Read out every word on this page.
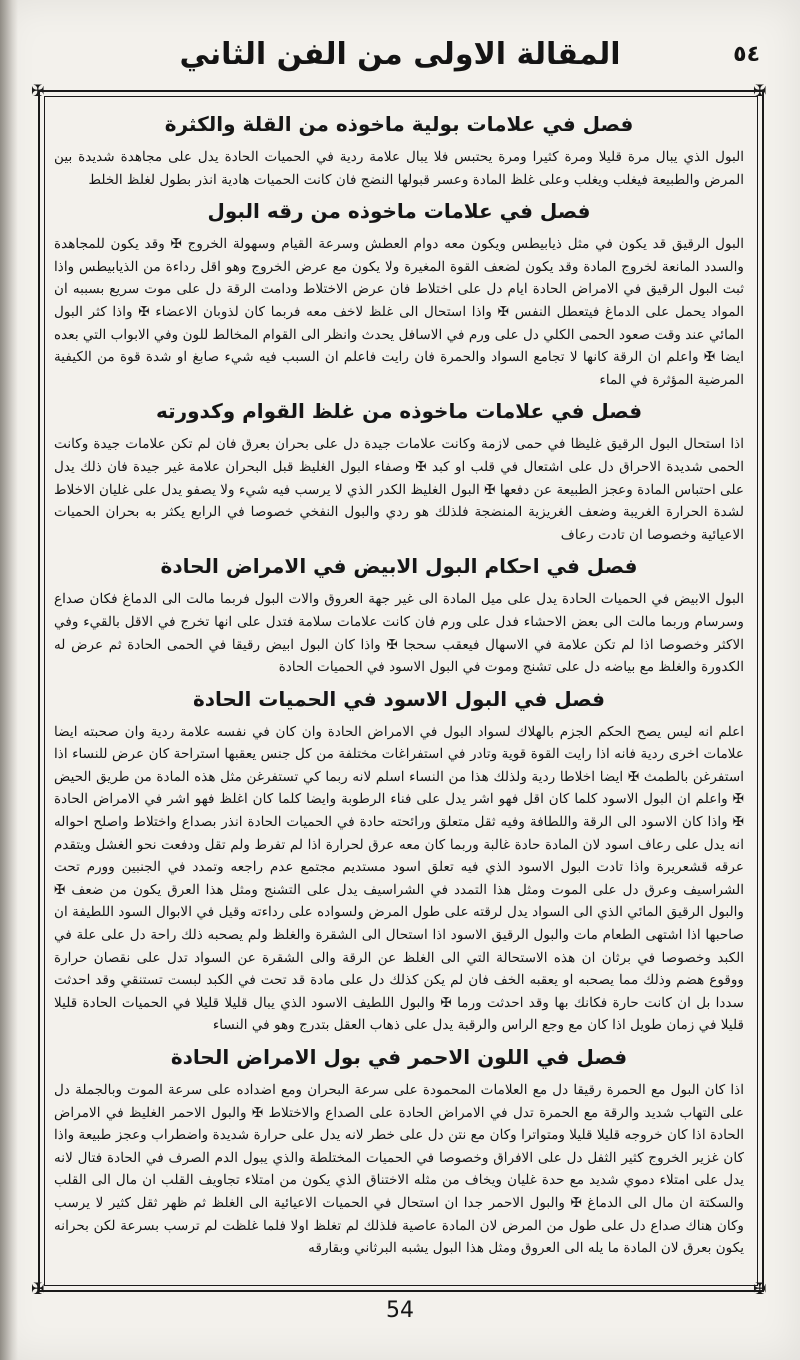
المقالة الاولى من الفن الثاني	٥٤
✠	✠
✠	✠
فصل في علامات بولية ماخوذه من القلة والكثرة

البول الذي يبال مرة قليلا ومرة كثيرا ومرة يحتبس فلا يبال علامة ردية في الحميات الحادة يدل على مجاهدة شديدة بين المرض والطبيعة فيغلب ويغلب وعلى غلظ المادة وعسر قبولها النضج فان كانت الحميات هادية انذر بطول لغلظ الخلط

فصل في علامات ماخوذه من رقه البول

البول الرقيق قد يكون في مثل ذيابيطس ويكون معه دوام العطش وسرعة القيام وسهولة الخروج ✠ وقد يكون للمجاهدة والسدد المانعة لخروج المادة وقد يكون لضعف القوة المغيرة ولا يكون مع عرض الخروج وهو اقل رداءة من الذيابيطس واذا ثبت البول الرقيق في الامراض الحادة ايام دل على اختلاط فان عرض الاختلاط ودامت الرقة دل على موت سريع بسببه ان المواد يحمل على الدماغ فيتعطل النفس ✠ واذا استحال الى غلظ لاخف معه فربما كان لذوبان الاعضاء ✠ واذا كثر البول المائي عند وقت صعود الحمى الكلي دل على ورم في الاسافل يحدث وانظر الى القوام المخالط للون وفي الابواب التي بعده ايضا ✠ واعلم ان الرقة كانها لا تجامع السواد والحمرة فان رايت فاعلم ان السبب فيه شيء صابغ او شدة قوة من الكيفية المرضية المؤثرة في الماء

فصل في علامات ماخوذه من غلظ القوام وكدورته

اذا استحال البول الرقيق غليظا في حمى لازمة وكانت علامات جيدة دل على بحران بعرق فان لم تكن علامات جيدة وكانت الحمى شديدة الاحراق دل على اشتعال في قلب او كبد ✠ وصفاء البول الغليظ قبل البحران علامة غير جيدة فان ذلك يدل على احتباس المادة وعجز الطبيعة عن دفعها ✠ البول الغليظ الكدر الذي لا يرسب فيه شيء ولا يصفو يدل على غليان الاخلاط لشدة الحرارة الغريبة وضعف الغريزية المنضجة فلذلك هو ردي والبول النفخي خصوصا في الرابع يكثر به بحران الحميات الاعيائية وخصوصا ان تادت رعاف

فصل في احكام البول الابيض في الامراض الحادة

البول الابيض في الحميات الحادة يدل على ميل المادة الى غير جهة العروق والات البول فربما مالت الى الدماغ فكان صداع وسرسام وربما مالت الى بعض الاحشاء فدل على ورم فان كانت علامات سلامة فتدل على انها تخرج في الاقل بالقيء وفي الاكثر وخصوصا اذا لم تكن علامة في الاسهال فيعقب سحجا ✠ واذا كان البول ابيض رقيقا في الحمى الحادة ثم عرض له الكدورة والغلظ مع بياضه دل على تشنج وموت في البول الاسود في الحميات الحادة

فصل في البول الاسود في الحميات الحادة

اعلم انه ليس يصح الحكم الجزم بالهلاك لسواد البول في الامراض الحادة وان كان في نفسه علامة ردية وان صحبته ايضا علامات اخرى ردية فانه اذا رايت القوة قوية وتادر في استفراغات مختلفة من كل جنس يعقبها استراحة كان عرض للنساء اذا استفرغن بالطمث ✠ ايضا اخلاطا ردية ولذلك هذا من النساء اسلم لانه ربما كي تستفرغن مثل هذه المادة من طريق الحيض ✠ واعلم ان البول الاسود كلما كان اقل فهو اشر يدل على فناء الرطوبة وايضا كلما كان اغلظ فهو اشر في الامراض الحادة ✠ واذا كان الاسود الى الرقة واللطافة وفيه ثقل متعلق ورائحته حادة في الحميات الحادة انذر بصداع واختلاط واصلح احواله انه يدل على رعاف اسود لان المادة حادة غالبة وربما كان معه عرق لحرارة اذا لم تفرط ولم تقل ودفعت نحو الغشل ويتقدم عرقه قشعريرة واذا تادت البول الاسود الذي فيه تعلق اسود مستديم مجتمع عدم راجعه وتمدد في الجنبين وورم تحت الشراسيف وعرق دل على الموت ومثل هذا التمدد في الشراسيف يدل على التشنج ومثل هذا العرق يكون من ضعف ✠ والبول الرقيق المائي الذي الى السواد يدل لرقته على طول المرض ولسواده على رداءته وقيل في الابوال السود اللطيفة ان صاحبها اذا اشتهى الطعام مات والبول الرقيق الاسود اذا استحال الى الشقرة والغلظ ولم يصحبه ذلك راحة دل على علة في الكبد وخصوصا في برثان ان هذه الاستحالة التي الى الغلظ عن الرقة والى الشقرة عن السواد تدل على نقصان حرارة ووقوع هضم وذلك مما يصحبه او يعقبه الخف فان لم يكن كذلك دل على مادة قد تحت في الكبد لبست تستنقي وقد احدثت سددا بل ان كانت حارة فكانك بها وقد احدثت ورما ✠ والبول اللطيف الاسود الذي يبال قليلا قليلا في الحميات الحادة قليلا قليلا في زمان طويل اذا كان مع وجع الراس والرقبة يدل على ذهاب العقل بتدرج وهو في النساء

فصل في اللون الاحمر في بول الامراض الحادة

اذا كان البول مع الحمرة رقيقا دل مع العلامات المحمودة على سرعة البحران ومع اضداده على سرعة الموت وبالجملة دل على التهاب شديد والرقة مع الحمرة تدل في الامراض الحادة على الصداع والاختلاط ✠ والبول الاحمر الغليظ في الامراض الحادة اذا كان خروجه قليلا قليلا ومتواترا وكان مع نتن دل على خطر لانه يدل على حرارة شديدة واضطراب وعجز طبيعة واذا كان غزير الخروج كثير الثفل دل على الافراق وخصوصا في الحميات المختلطة والذي يبول الدم الصرف في الحادة فتال لانه يدل على امتلاء دموي شديد مع حدة غليان ويخاف من مثله الاختناق الذي يكون من امتلاء تجاويف القلب ان مال الى القلب والسكتة ان مال الى الدماغ ✠ والبول الاحمر جدا ان استحال في الحميات الاعيائية الى الغلظ ثم ظهر ثقل كثير لا يرسب وكان هناك صداع دل على طول من المرض لان المادة عاصية فلذلك لم تغلظ اولا فلما غلظت لم ترسب بسرعة لكن بحرانه يكون بعرق لان المادة ما يله الى العروق ومثل هذا البول يشبه البرثاني وبقارقه

54
